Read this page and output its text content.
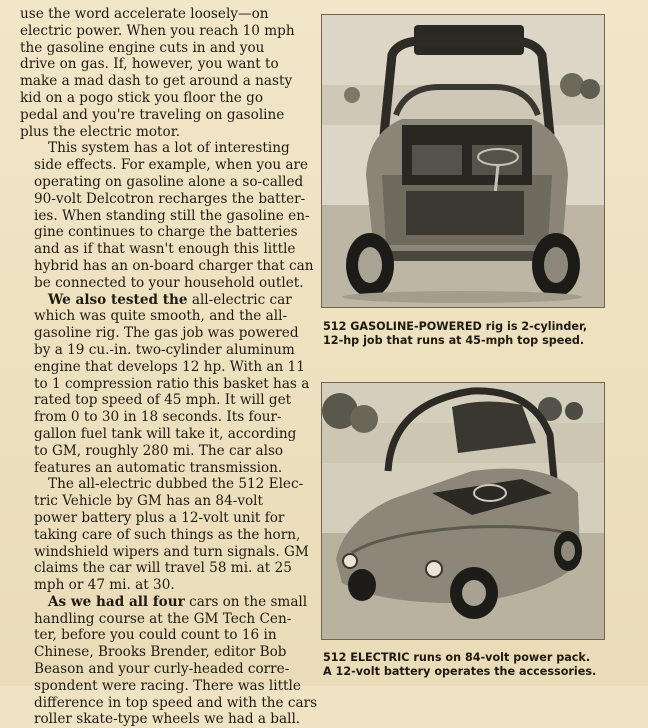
use the word accelerate loosely—on
electric power. When you reach 10 mph
the gasoline engine cuts in and you
drive on gas. If, however, you want to
make a mad dash to get around a nasty
kid on a pogo stick you floor the go
pedal and you're traveling on gasoline
plus the electric motor.

This system has a lot of interesting
side effects. For example, when you are
operating on gasoline alone a so-called
90-volt Delcotron recharges the batter-
ies. When standing still the gasoline en-
gine continues to charge the batteries
and as if that wasn't enough this little
hybrid has an on-board charger that can
be connected to your household outlet.

We also tested the all-electric car
which was quite smooth, and the all-
gasoline rig. The gas job was powered
by a 19 cu.-in. two-cylinder aluminum
engine that develops 12 hp. With an 11
to 1 compression ratio this basket has a
rated top speed of 45 mph. It will get
from 0 to 30 in 18 seconds. Its four-
gallon fuel tank will take it, according
to GM, roughly 280 mi. The car also
features an automatic transmission.

The all-electric dubbed the 512 Elec-
tric Vehicle by GM has an 84-volt
power battery plus a 12-volt unit for
taking care of such things as the horn,
windshield wipers and turn signals. GM
claims the car will travel 58 mi. at 25
mph or 47 mi. at 30.

As we had all four cars on the small
handling course at the GM Tech Cen-
ter, before you could count to 16 in
Chinese, Brooks Brender, editor Bob
Beason and your curly-headed corre-
spondent were racing. There was little
difference in top speed and with the cars
roller skate-type wheels we had a ball.

512 GASOLINE-POWERED rig is 2-cylinder,
12-hp job that runs at 45-mph top speed.
512 ELECTRIC runs on 84-volt power pack.
A 12-volt battery operates the accessories.
